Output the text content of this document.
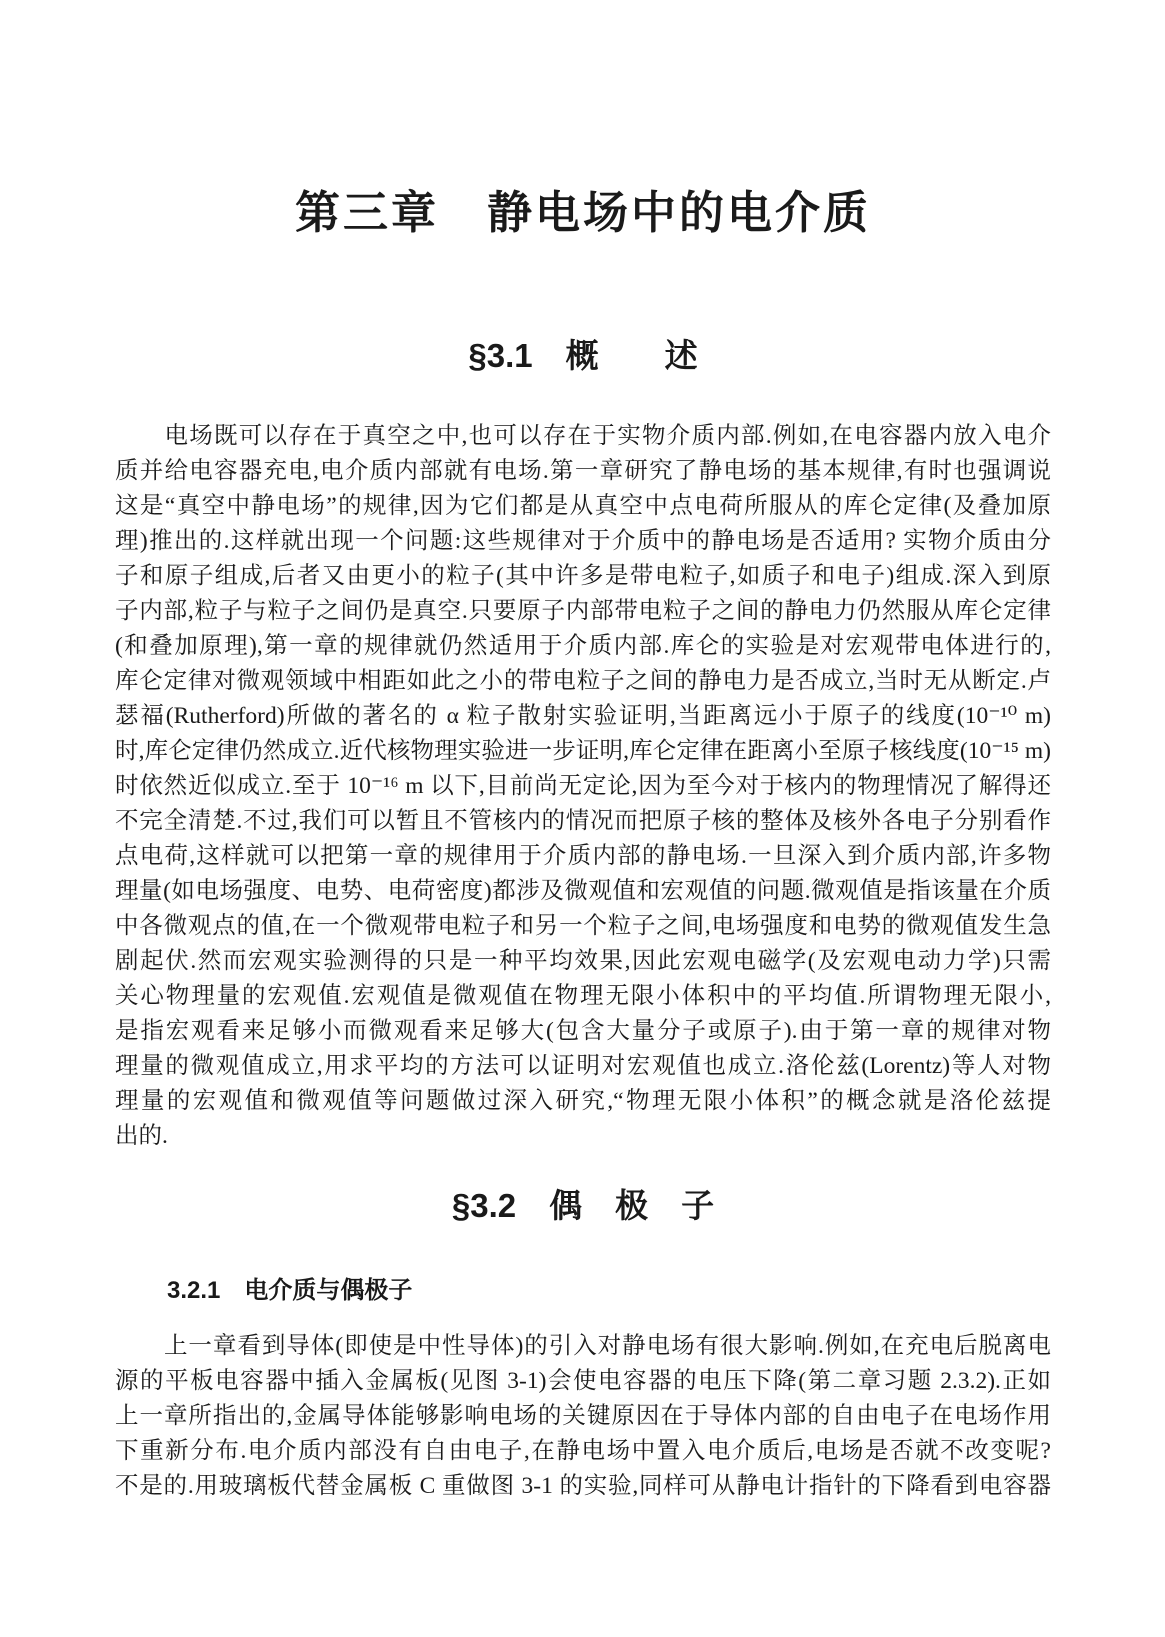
第三章　静电场中的电介质
§3.1　概　　述
　　电场既可以存在于真空之中,也可以存在于实物介质内部.例如,在电容器内放入电介
质并给电容器充电,电介质内部就有电场.第一章研究了静电场的基本规律,有时也强调说
这是“真空中静电场”的规律,因为它们都是从真空中点电荷所服从的库仑定律(及叠加原
理)推出的.这样就出现一个问题:这些规律对于介质中的静电场是否适用? 实物介质由分
子和原子组成,后者又由更小的粒子(其中许多是带电粒子,如质子和电子)组成.深入到原
子内部,粒子与粒子之间仍是真空.只要原子内部带电粒子之间的静电力仍然服从库仑定律
(和叠加原理),第一章的规律就仍然适用于介质内部.库仑的实验是对宏观带电体进行的,
库仑定律对微观领域中相距如此之小的带电粒子之间的静电力是否成立,当时无从断定.卢
瑟福(Rutherford)所做的著名的 α 粒子散射实验证明,当距离远小于原子的线度(10⁻¹⁰ m)
时,库仑定律仍然成立.近代核物理实验进一步证明,库仑定律在距离小至原子核线度(10⁻¹⁵ m)
时依然近似成立.至于 10⁻¹⁶ m 以下,目前尚无定论,因为至今对于核内的物理情况了解得还
不完全清楚.不过,我们可以暂且不管核内的情况而把原子核的整体及核外各电子分别看作
点电荷,这样就可以把第一章的规律用于介质内部的静电场.一旦深入到介质内部,许多物
理量(如电场强度、电势、电荷密度)都涉及微观值和宏观值的问题.微观值是指该量在介质
中各微观点的值,在一个微观带电粒子和另一个粒子之间,电场强度和电势的微观值发生急
剧起伏.然而宏观实验测得的只是一种平均效果,因此宏观电磁学(及宏观电动力学)只需
关心物理量的宏观值.宏观值是微观值在物理无限小体积中的平均值.所谓物理无限小,
是指宏观看来足够小而微观看来足够大(包含大量分子或原子).由于第一章的规律对物
理量的微观值成立,用求平均的方法可以证明对宏观值也成立.洛伦兹(Lorentz)等人对物
理量的宏观值和微观值等问题做过深入研究,“物理无限小体积”的概念就是洛伦兹提
出的.
§3.2　偶　极　子
3.2.1　电介质与偶极子
　　上一章看到导体(即使是中性导体)的引入对静电场有很大影响.例如,在充电后脱离电
源的平板电容器中插入金属板(见图 3-1)会使电容器的电压下降(第二章习题 2.3.2).正如
上一章所指出的,金属导体能够影响电场的关键原因在于导体内部的自由电子在电场作用
下重新分布.电介质内部没有自由电子,在静电场中置入电介质后,电场是否就不改变呢?
不是的.用玻璃板代替金属板 C 重做图 3-1 的实验,同样可从静电计指针的下降看到电容器
